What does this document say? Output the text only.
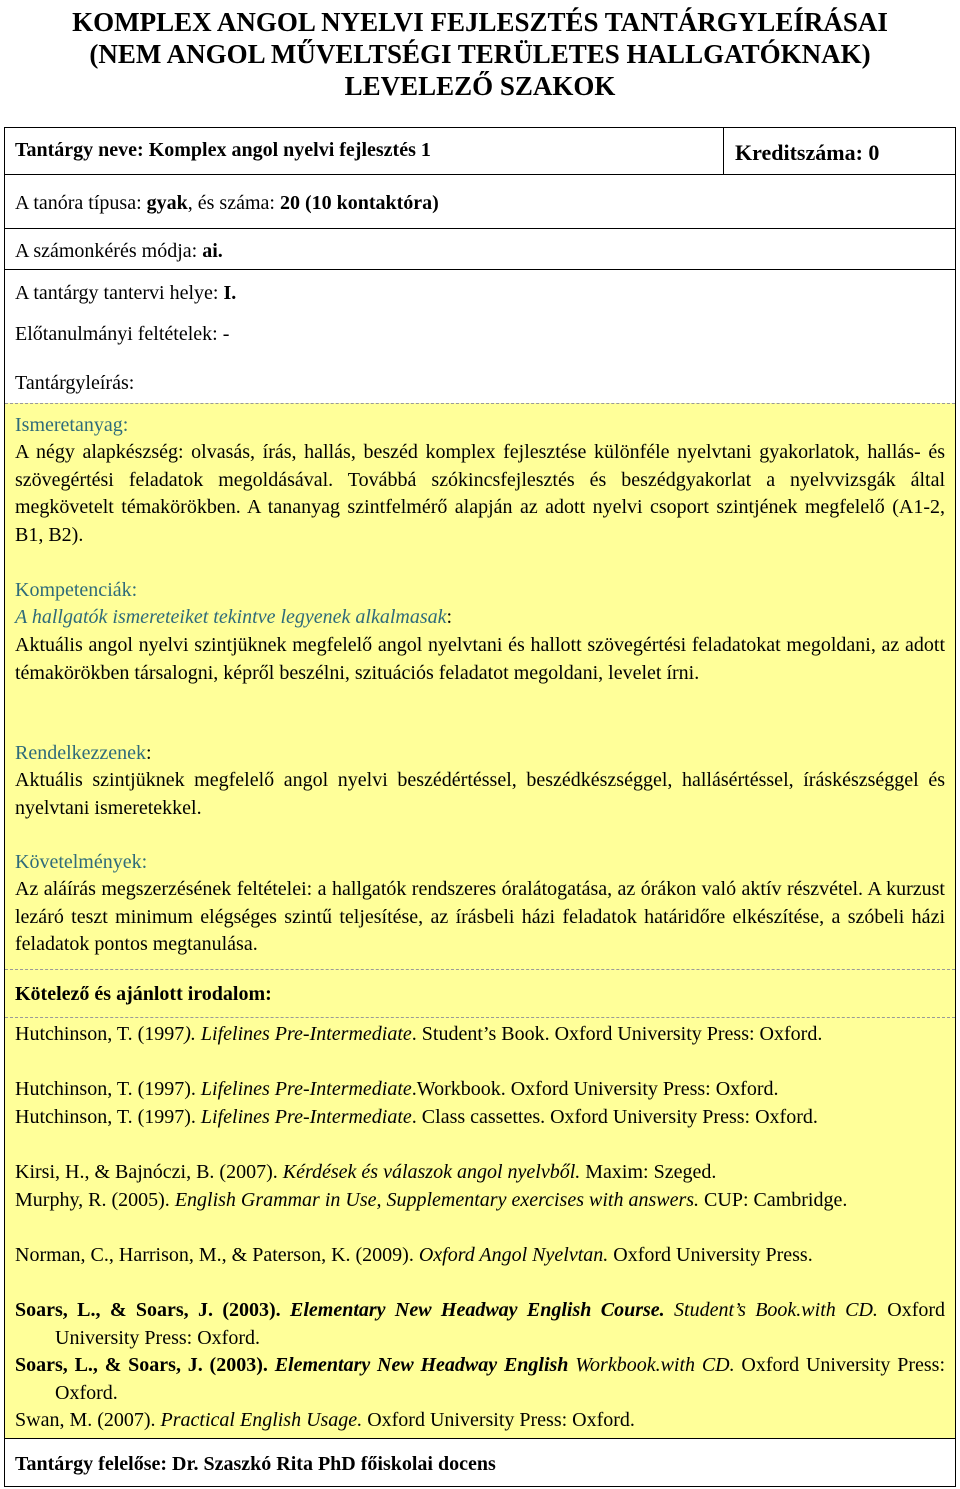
KOMPLEX ANGOL NYELVI FEJLESZTÉS TANTÁRGYLEÍRÁSAI
(NEM ANGOL MŰVELTSÉGI TERÜLETES HALLGATÓKNAK)
LEVELEZŐ SZAKOK
Tantárgy neve: Komplex angol nyelvi fejlesztés 1	Kreditszáma: 0
A tanóra típusa: gyak, és száma: 20 (10 kontaktóra)
A számonkérés módja: ai.
A tantárgy tantervi helye: I.
Előtanulmányi feltételek: -
Tantárgyleírás:
Ismeretanyag:
A négy alapkészség: olvasás, írás, hallás, beszéd komplex fejlesztése különféle nyelvtani gyakorlatok, hallás- és szövegértési feladatok megoldásával. Továbbá szókincsfejlesztés és beszédgyakorlat a nyelvvizsgák által megkövetelt témakörökben. A tananyag szintfelmérő alapján az adott nyelvi csoport szintjének megfelelő (A1-2, B1, B2).
Kompetenciák:
A hallgatók ismereteiket tekintve legyenek alkalmasak:
Aktuális angol nyelvi szintjüknek megfelelő angol nyelvtani és hallott szövegértési feladatokat megoldani, az adott témakörökben társalogni, képről beszélni, szituációs feladatot megoldani, levelet írni.
Rendelkezzenek:
Aktuális szintjüknek megfelelő angol nyelvi beszédértéssel, beszédkészséggel, hallásértéssel, íráskészséggel és nyelvtani ismeretekkel.
Követelmények:
Az aláírás megszerzésének feltételei: a hallgatók rendszeres óralátogatása, az órákon való aktív részvétel. A kurzust lezáró teszt minimum elégséges szintű teljesítése, az írásbeli házi feladatok határidőre elkészítése, a szóbeli házi feladatok pontos megtanulása.
Kötelező és ajánlott irodalom:
Hutchinson, T. (1997). Lifelines Pre-Intermediate. Student’s Book. Oxford University Press: Oxford.
Hutchinson, T. (1997). Lifelines Pre-Intermediate.Workbook. Oxford University Press: Oxford.
Hutchinson, T. (1997). Lifelines Pre-Intermediate. Class cassettes. Oxford University Press: Oxford.
Kirsi, H., & Bajnóczi, B. (2007). Kérdések és válaszok angol nyelvből. Maxim: Szeged.
Murphy, R. (2005). English Grammar in Use, Supplementary exercises with answers. CUP: Cambridge.
Norman, C., Harrison, M., & Paterson, K. (2009). Oxford Angol Nyelvtan. Oxford University Press.
Soars, L., & Soars, J. (2003). Elementary New Headway English Course. Student’s Book.with CD. Oxford University Press: Oxford.
Soars, L., & Soars, J. (2003). Elementary New Headway English Workbook.with CD. Oxford University Press: Oxford.
Swan, M. (2007). Practical English Usage. Oxford University Press: Oxford.
Tantárgy felelőse: Dr. Szaszkó Rita PhD főiskolai docens
